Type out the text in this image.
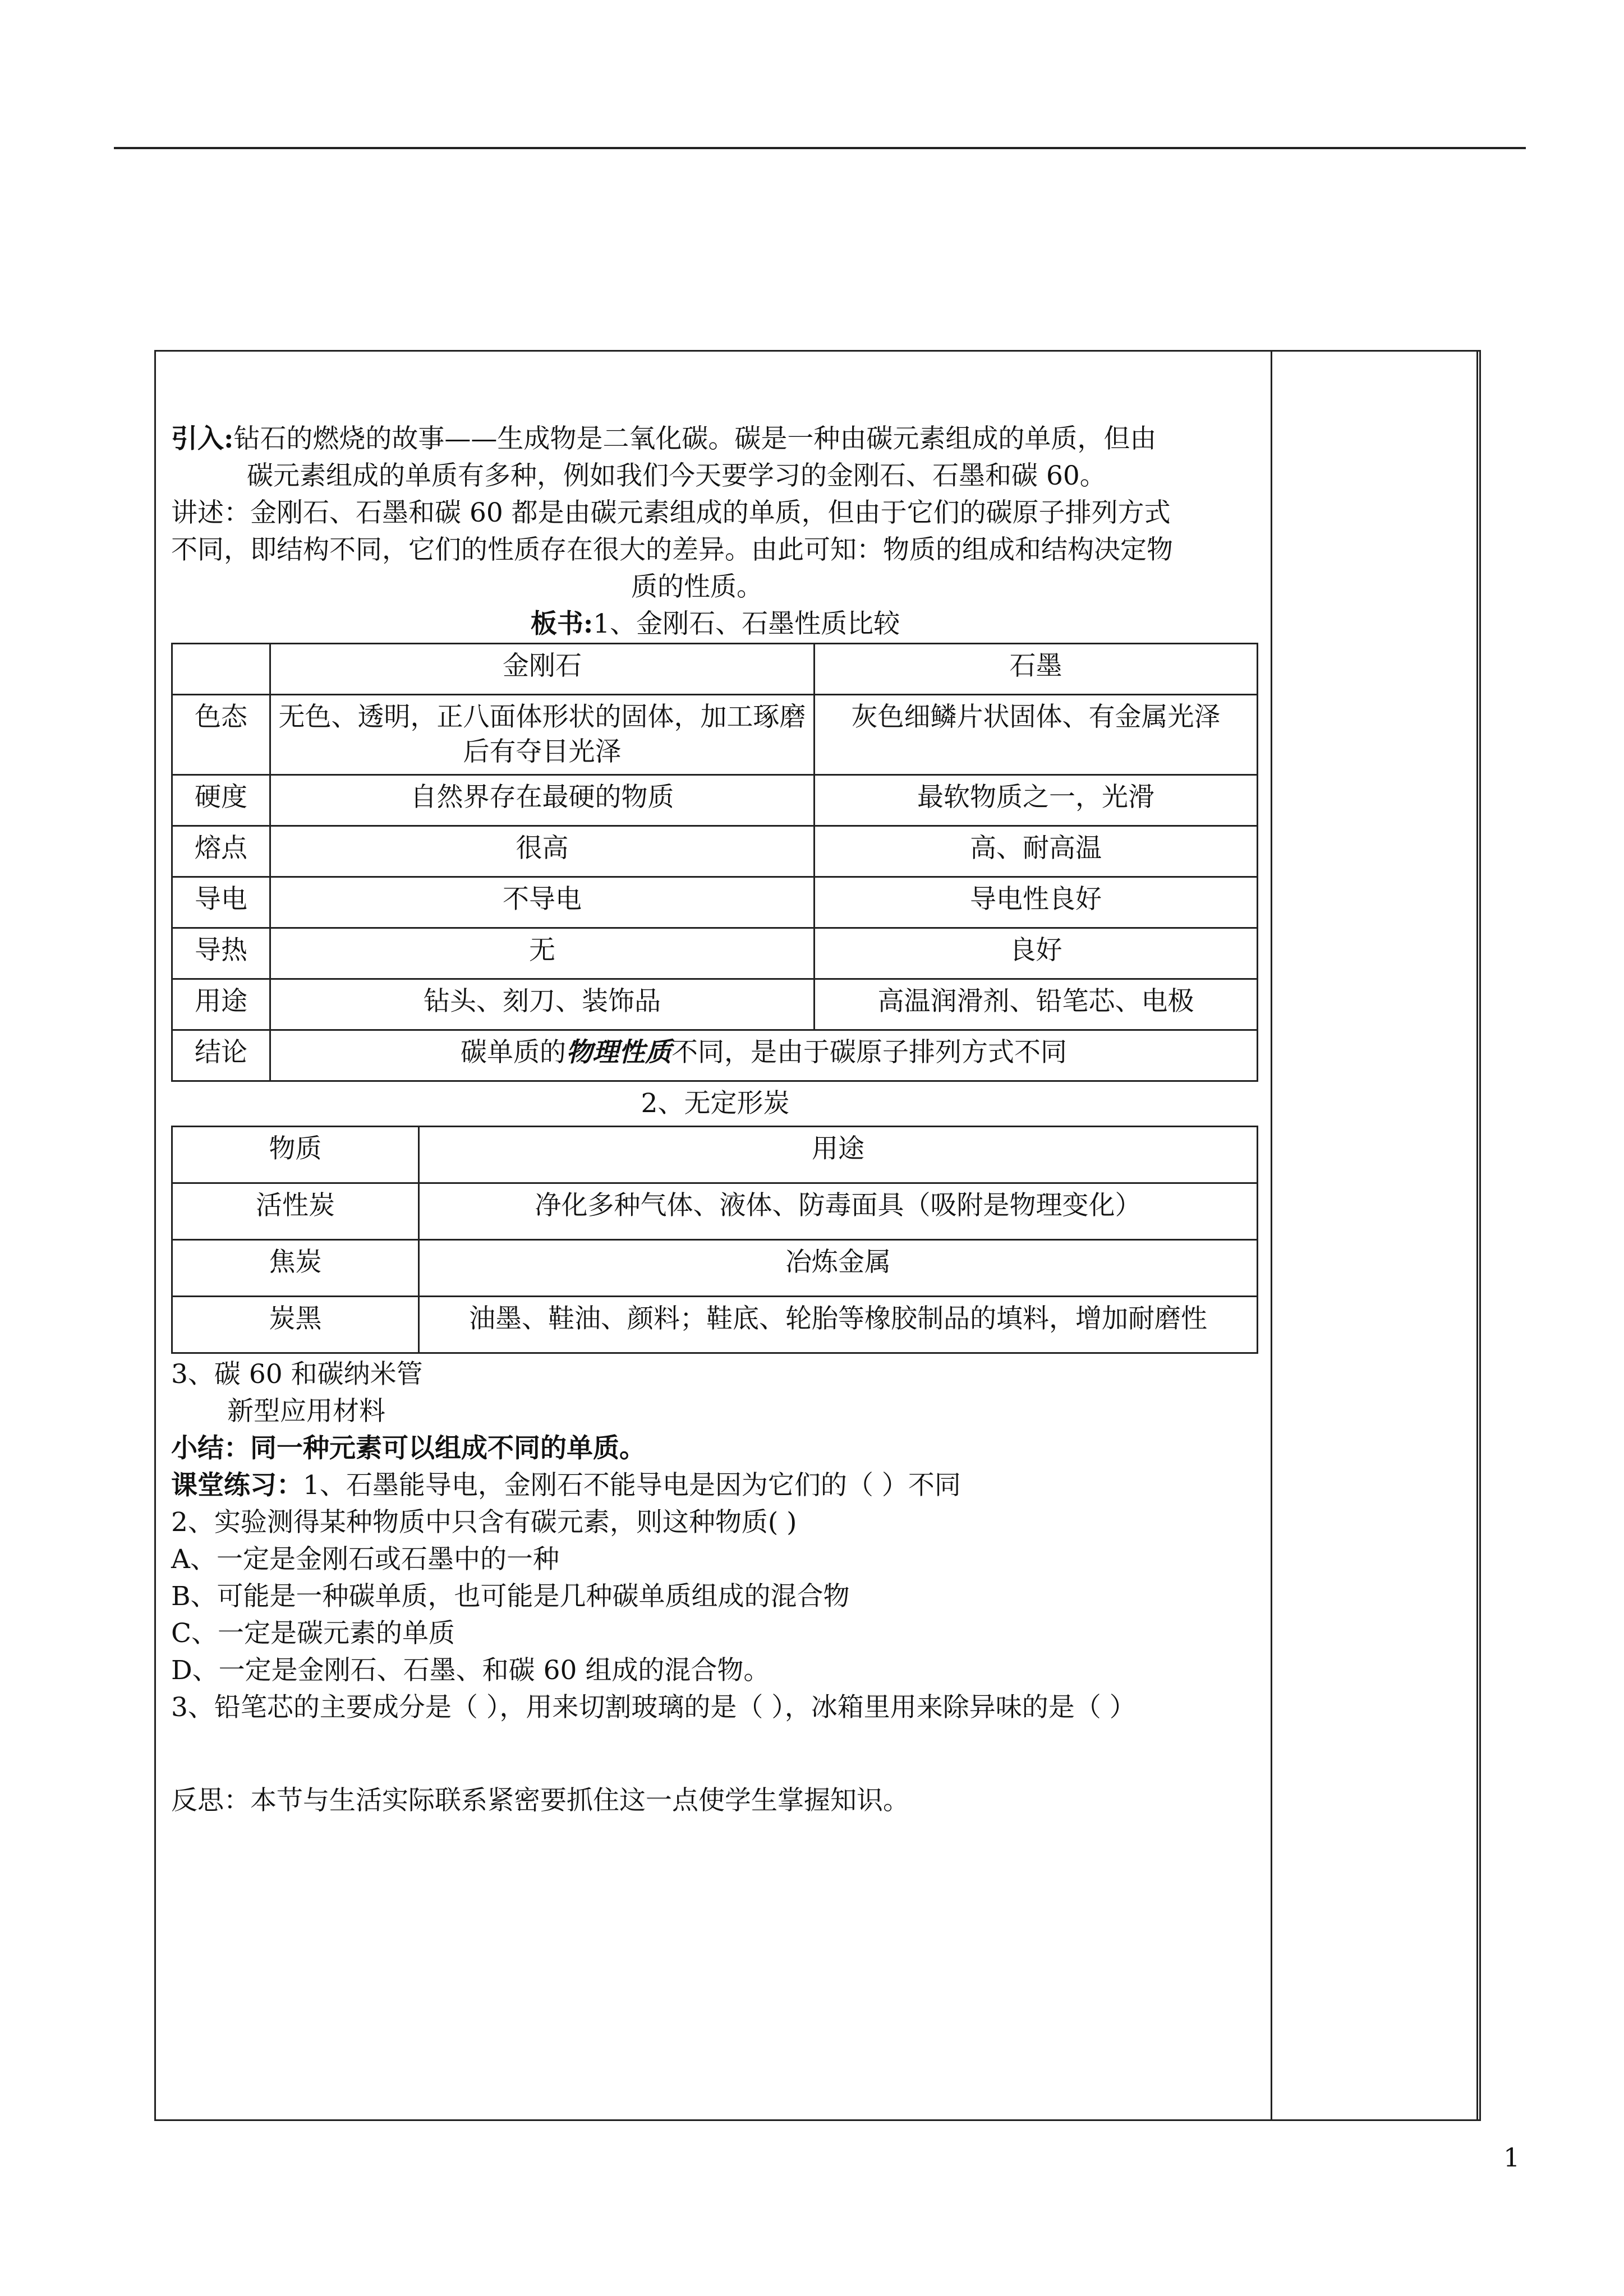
引入:钻石的燃烧的故事——生成物是二氧化碳。碳是一种由碳元素组成的单质，但由
碳元素组成的单质有多种，例如我们今天要学习的金刚石、石墨和碳 60。
讲述：金刚石、石墨和碳 60 都是由碳元素组成的单质，但由于它们的碳原子排列方式
不同，即结构不同，它们的性质存在很大的差异。由此可知：物质的组成和结构决定物
质的性质。
板书:1、金刚石、石墨性质比较
	金刚石	石墨
色态	无色、透明，正八面体形状的固体，加工琢磨后有夺目光泽	灰色细鳞片状固体、有金属光泽
硬度	自然界存在最硬的物质	最软物质之一，光滑
熔点	很高	高、耐高温
导电	不导电	导电性良好
导热	无	良好
用途	钻头、刻刀、装饰品	高温润滑剂、铅笔芯、电极
结论	碳单质的物理性质不同，是由于碳原子排列方式不同	
2、无定形炭
物质	用途
活性炭	净化多种气体、液体、防毒面具（吸附是物理变化）
焦炭	冶炼金属
炭黑	油墨、鞋油、颜料；鞋底、轮胎等橡胶制品的填料，增加耐磨性
3、碳 60 和碳纳米管
新型应用材料
小结：同一种元素可以组成不同的单质。
课堂练习：1、石墨能导电，金刚石不能导电是因为它们的（ ）不同
2、实验测得某种物质中只含有碳元素，则这种物质( )
A、一定是金刚石或石墨中的一种
B、可能是一种碳单质，也可能是几种碳单质组成的混合物
C、一定是碳元素的单质
D、一定是金刚石、石墨、和碳 60 组成的混合物。
3、铅笔芯的主要成分是（ ），用来切割玻璃的是（ ），冰箱里用来除异味的是（ ）
反思：本节与生活实际联系紧密要抓住这一点使学生掌握知识。
1
